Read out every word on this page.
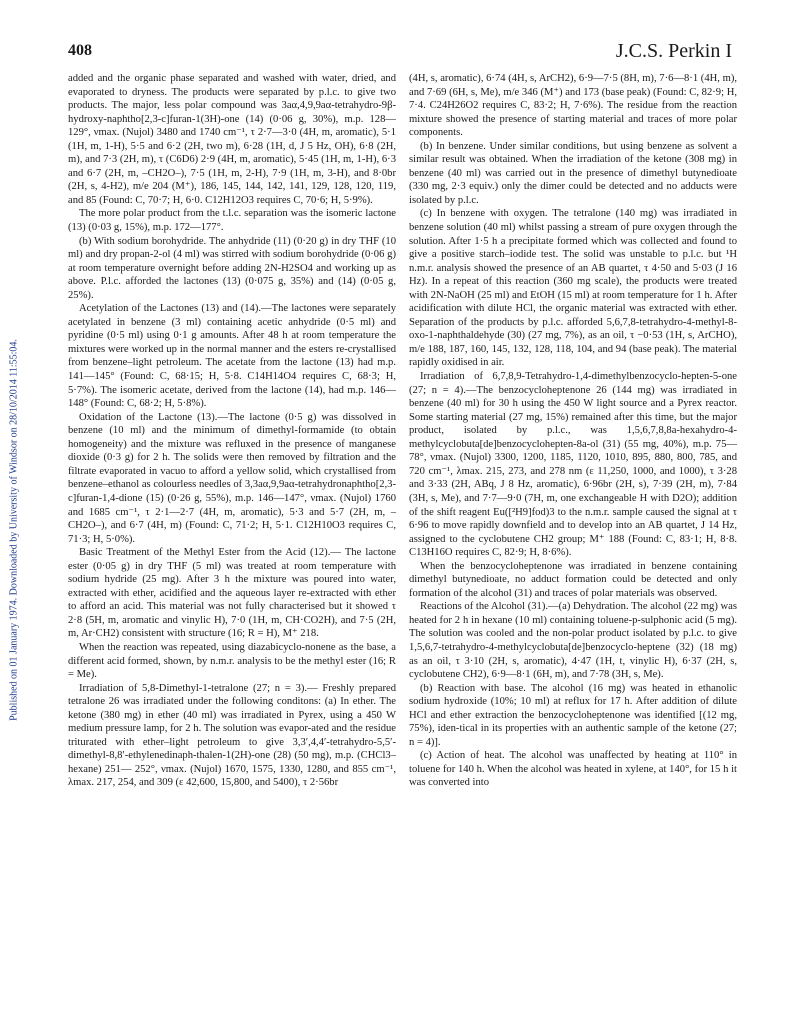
408	J.C.S. Perkin I
Published on 01 January 1974. Downloaded by University of Windsor on 28/10/2014 11:55:04.

added and the organic phase separated and washed with water, dried, and evaporated to dryness. The products were separated by p.l.c. to give two products. The major, less polar compound was 3aα,4,9,9aα-tetrahydro-9β-hydroxy-naphtho[2,3-c]furan-1(3H)-one (14) (0·06 g, 30%), m.p. 128—129°, νmax. (Nujol) 3480 and 1740 cm⁻¹, τ 2·7—3·0 (4H, m, aromatic), 5·1 (1H, m, 1-H), 5·5 and 6·2 (2H, two m), 6·28 (1H, d, J 5 Hz, OH), 6·8 (2H, m), and 7·3 (2H, m), τ (C6D6) 2·9 (4H, m, aromatic), 5·45 (1H, m, 1-H), 6·3 and 6·7 (2H, m, –CH2O–), 7·5 (1H, m, 2-H), 7·9 (1H, m, 3-H), and 8·0br (2H, s, 4-H2), m/e 204 (M⁺), 186, 145, 144, 142, 141, 129, 128, 120, 119, and 85 (Found: C, 70·7; H, 6·0. C12H12O3 requires C, 70·6; H, 5·9%).

The more polar product from the t.l.c. separation was the isomeric lactone (13) (0·03 g, 15%), m.p. 172—177°.

(b) With sodium borohydride. The anhydride (11) (0·20 g) in dry THF (10 ml) and dry propan-2-ol (4 ml) was stirred with sodium borohydride (0·06 g) at room temperature overnight before adding 2N-H2SO4 and working up as above. P.l.c. afforded the lactones (13) (0·075 g, 35%) and (14) (0·05 g, 25%).

Acetylation of the Lactones (13) and (14).—The lactones were separately acetylated in benzene (3 ml) containing acetic anhydride (0·5 ml) and pyridine (0·5 ml) using 0·1 g amounts. After 48 h at room temperature the mixtures were worked up in the normal manner and the esters re-crystallised from benzene–light petroleum. The acetate from the lactone (13) had m.p. 141—145° (Found: C, 68·15; H, 5·8. C14H14O4 requires C, 68·3; H, 5·7%). The isomeric acetate, derived from the lactone (14), had m.p. 146—148° (Found: C, 68·2; H, 5·8%).

Oxidation of the Lactone (13).—The lactone (0·5 g) was dissolved in benzene (10 ml) and the minimum of dimethyl-formamide (to obtain homogeneity) and the mixture was refluxed in the presence of manganese dioxide (0·3 g) for 2 h. The solids were then removed by filtration and the filtrate evaporated in vacuo to afford a yellow solid, which crystallised from benzene–ethanol as colourless needles of 3,3aα,9,9aα-tetrahydronaphtho[2,3-c]furan-1,4-dione (15) (0·26 g, 55%), m.p. 146—147°, νmax. (Nujol) 1760 and 1685 cm⁻¹, τ 2·1—2·7 (4H, m, aromatic), 5·3 and 5·7 (2H, m, –CH2O–), and 6·7 (4H, m) (Found: C, 71·2; H, 5·1. C12H10O3 requires C, 71·3; H, 5·0%).

Basic Treatment of the Methyl Ester from the Acid (12).— The lactone ester (0·05 g) in dry THF (5 ml) was treated at room temperature with sodium hydride (25 mg). After 3 h the mixture was poured into water, extracted with ether, acidified and the aqueous layer re-extracted with ether to afford an acid. This material was not fully characterised but it showed τ 2·8 (5H, m, aromatic and vinylic H), 7·0 (1H, m, CH·CO2H), and 7·5 (2H, m, Ar·CH2) consistent with structure (16; R = H), M⁺ 218.

When the reaction was repeated, using diazabicyclo-nonene as the base, a different acid formed, shown, by n.m.r. analysis to be the methyl ester (16; R = Me).

Irradiation of 5,8-Dimethyl-1-tetralone (27; n = 3).— Freshly prepared tetralone 26 was irradiated under the following conditons: (a) In ether. The ketone (380 mg) in ether (40 ml) was irradiated in Pyrex, using a 450 W medium pressure lamp, for 2 h. The solution was evapor-ated and the residue triturated with ether–light petroleum to give 3,3′,4,4′-tetrahydro-5,5′-dimethyl-8,8′-ethylenedinaph-thalen-1(2H)-one (28) (50 mg), m.p. (CHCl3–hexane) 251— 252°, νmax. (Nujol) 1670, 1575, 1330, 1280, and 855 cm⁻¹, λmax. 217, 254, and 309 (ε 42,600, 15,800, and 5400), τ 2·56br

(4H, s, aromatic), 6·74 (4H, s, ArCH2), 6·9—7·5 (8H, m), 7·6—8·1 (4H, m), and 7·69 (6H, s, Me), m/e 346 (M⁺) and 173 (base peak) (Found: C, 82·9; H, 7·4. C24H26O2 requires C, 83·2; H, 7·6%). The residue from the reaction mixture showed the presence of starting material and traces of more polar components.

(b) In benzene. Under similar conditions, but using benzene as solvent a similar result was obtained. When the irradiation of the ketone (308 mg) in benzene (40 ml) was carried out in the presence of dimethyl butynedioate (330 mg, 2·3 equiv.) only the dimer could be detected and no adducts were isolated by p.l.c.

(c) In benzene with oxygen. The tetralone (140 mg) was irradiated in benzene solution (40 ml) whilst passing a stream of pure oxygen through the solution. After 1·5 h a precipitate formed which was collected and found to give a positive starch–iodide test. The solid was unstable to p.l.c. but ¹H n.m.r. analysis showed the presence of an AB quartet, τ 4·50 and 5·03 (J 16 Hz). In a repeat of this reaction (360 mg scale), the products were treated with 2N-NaOH (25 ml) and EtOH (15 ml) at room temperature for 1 h. After acidification with dilute HCl, the organic material was extracted with ether. Separation of the products by p.l.c. afforded 5,6,7,8-tetrahydro-4-methyl-8-oxo-1-naphthaldehyde (30) (27 mg, 7%), as an oil, τ −0·53 (1H, s, ArCHO), m/e 188, 187, 160, 145, 132, 128, 118, 104, and 94 (base peak). The material rapidly oxidised in air.

Irradiation of 6,7,8,9-Tetrahydro-1,4-dimethylbenzocyclo-hepten-5-one (27; n = 4).—The benzocycloheptenone 26 (144 mg) was irradiated in benzene (40 ml) for 30 h using the 450 W light source and a Pyrex reactor. Some starting material (27 mg, 15%) remained after this time, but the major product, isolated by p.l.c., was 1,5,6,7,8,8a-hexahydro-4-methylcyclobuta[de]benzocyclohepten-8a-ol (31) (55 mg, 40%), m.p. 75—78°, νmax. (Nujol) 3300, 1200, 1185, 1120, 1010, 895, 880, 800, 785, and 720 cm⁻¹, λmax. 215, 273, and 278 nm (ε 11,250, 1000, and 1000), τ 3·28 and 3·33 (2H, ABq, J 8 Hz, aromatic), 6·96br (2H, s), 7·39 (2H, m), 7·84 (3H, s, Me), and 7·7—9·0 (7H, m, one exchangeable H with D2O); addition of the shift reagent Eu([²H9]fod)3 to the n.m.r. sample caused the signal at τ 6·96 to move rapidly downfield and to develop into an AB quartet, J 14 Hz, assigned to the cyclobutene CH2 group; M⁺ 188 (Found: C, 83·1; H, 8·8. C13H16O requires C, 82·9; H, 8·6%).

When the benzocycloheptenone was irradiated in benzene containing dimethyl butynedioate, no adduct formation could be detected and only formation of the alcohol (31) and traces of polar materials was observed.

Reactions of the Alcohol (31).—(a) Dehydration. The alcohol (22 mg) was heated for 2 h in hexane (10 ml) containing toluene-p-sulphonic acid (5 mg). The solution was cooled and the non-polar product isolated by p.l.c. to give 1,5,6,7-tetrahydro-4-methylcyclobuta[de]benzocyclo-heptene (32) (18 mg) as an oil, τ 3·10 (2H, s, aromatic), 4·47 (1H, t, vinylic H), 6·37 (2H, s, cyclobutene CH2), 6·9—8·1 (6H, m), and 7·78 (3H, s, Me).

(b) Reaction with base. The alcohol (16 mg) was heated in ethanolic sodium hydroxide (10%; 10 ml) at reflux for 17 h. After addition of dilute HCl and ether extraction the benzocycloheptenone was identified [(12 mg, 75%), iden-tical in its properties with an authentic sample of the ketone (27; n = 4)].

(c) Action of heat. The alcohol was unaffected by heating at 110° in toluene for 140 h. When the alcohol was heated in xylene, at 140°, for 15 h it was converted into
